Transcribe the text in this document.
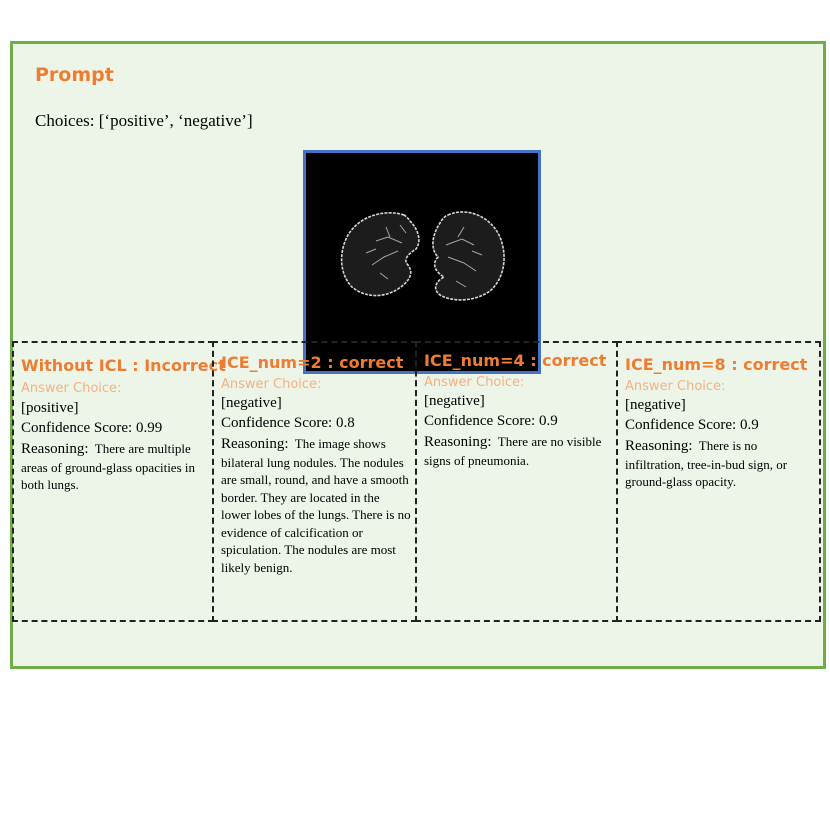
Prompt
Choices: [‘positive’, ‘negative’]
Without ICL : Incorrect
Answer Choice:
[positive]
Confidence Score: 0.99
Reasoning: There are multiple areas of ground-glass opacities in both lungs.
ICE_num=2 : correct
Answer Choice:
[negative]
Confidence Score: 0.8
Reasoning: The image shows bilateral lung nodules. The nodules are small, round, and have a smooth border. They are located in the lower lobes of the lungs. There is no evidence of calcification or spiculation. The nodules are most likely benign.
ICE_num=4 : correct
Answer Choice:
[negative]
Confidence Score: 0.9
Reasoning: There are no visible signs of pneumonia.
ICE_num=8 : correct
Answer Choice:
[negative]
Confidence Score: 0.9
Reasoning: There is no infiltration, tree-in-bud sign, or ground-glass opacity.
